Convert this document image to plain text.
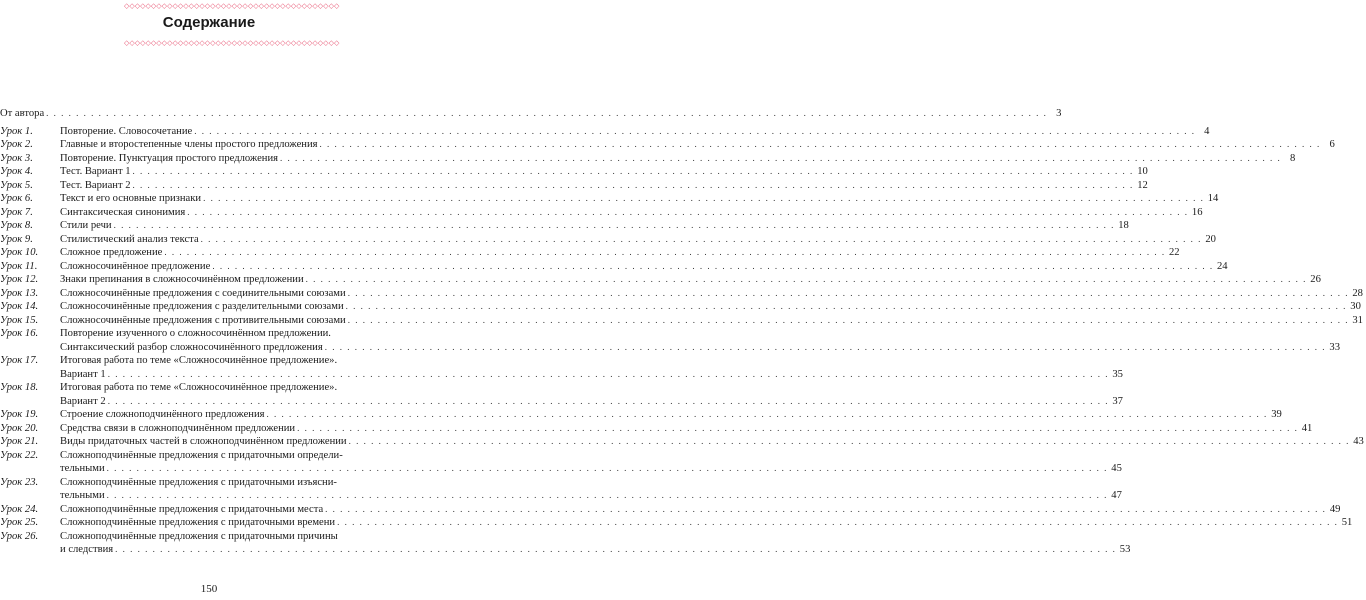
◇◇◇◇◇◇◇◇◇◇◇◇◇◇◇◇◇◇◇◇◇◇◇◇◇◇◇◇◇◇◇◇◇◇◇◇◇◇◇◇
Содержание
◇◇◇◇◇◇◇◇◇◇◇◇◇◇◇◇◇◇◇◇◇◇◇◇◇◇◇◇◇◇◇◇◇◇◇◇◇◇◇◇
От автора . . .	3
Урок 1.	Повторение. Словосочетание . . .	4
Урок 2.	Главные и второстепенные члены простого предложения . . .	6
Урок 3.	Повторение. Пунктуация простого предложения . . .	8
Урок 4.	Тест. Вариант 1 . . .	10
Урок 5.	Тест. Вариант 2 . . .	12
Урок 6.	Текст и его основные признаки . . .	14
Урок 7.	Синтаксическая синонимия . . .	16
Урок 8.	Стили речи . . .	18
Урок 9.	Стилистический анализ текста . . .	20
Урок 10. Сложное предложение . . .	22
Урок 11. Сложносочинённое предложение . . .	24
Урок 12. Знаки препинания в сложносочинённом предложении . . .	26
Урок 13. Сложносочинённые предложения с соединительными союзами . . .	28
Урок 14. Сложносочинённые предложения с разделительными союзами . . .	30
Урок 15. Сложносочинённые предложения с противительными союзами . . .	31
Урок 16. Повторение изученного о сложносочинённом предложении.
Синтаксический разбор сложносочинённого предложения . . .	33
Урок 17. Итоговая работа по теме «Сложносочинённое предложение».
Вариант 1 . . .	35
Урок 18. Итоговая работа по теме «Сложносочинённое предложение».
Вариант 2 . . .	37
Урок 19. Строение сложноподчинённого предложения . . .	39
Урок 20. Средства связи в сложноподчинённом предложении . . .	41
Урок 21. Виды придаточных частей в сложноподчинённом предложении . . .	43
Урок 22. Сложноподчинённые предложения с придаточными определи-
тельными . . .	45
Урок 23. Сложноподчинённые предложения с придаточными изъясни-
тельными . . .	47
Урок 24. Сложноподчинённые предложения с придаточными места . . .	49
Урок 25. Сложноподчинённые предложения с придаточными времени . . .	51
Урок 26. Сложноподчинённые предложения с придаточными причины
и следствия . . .	53
150
